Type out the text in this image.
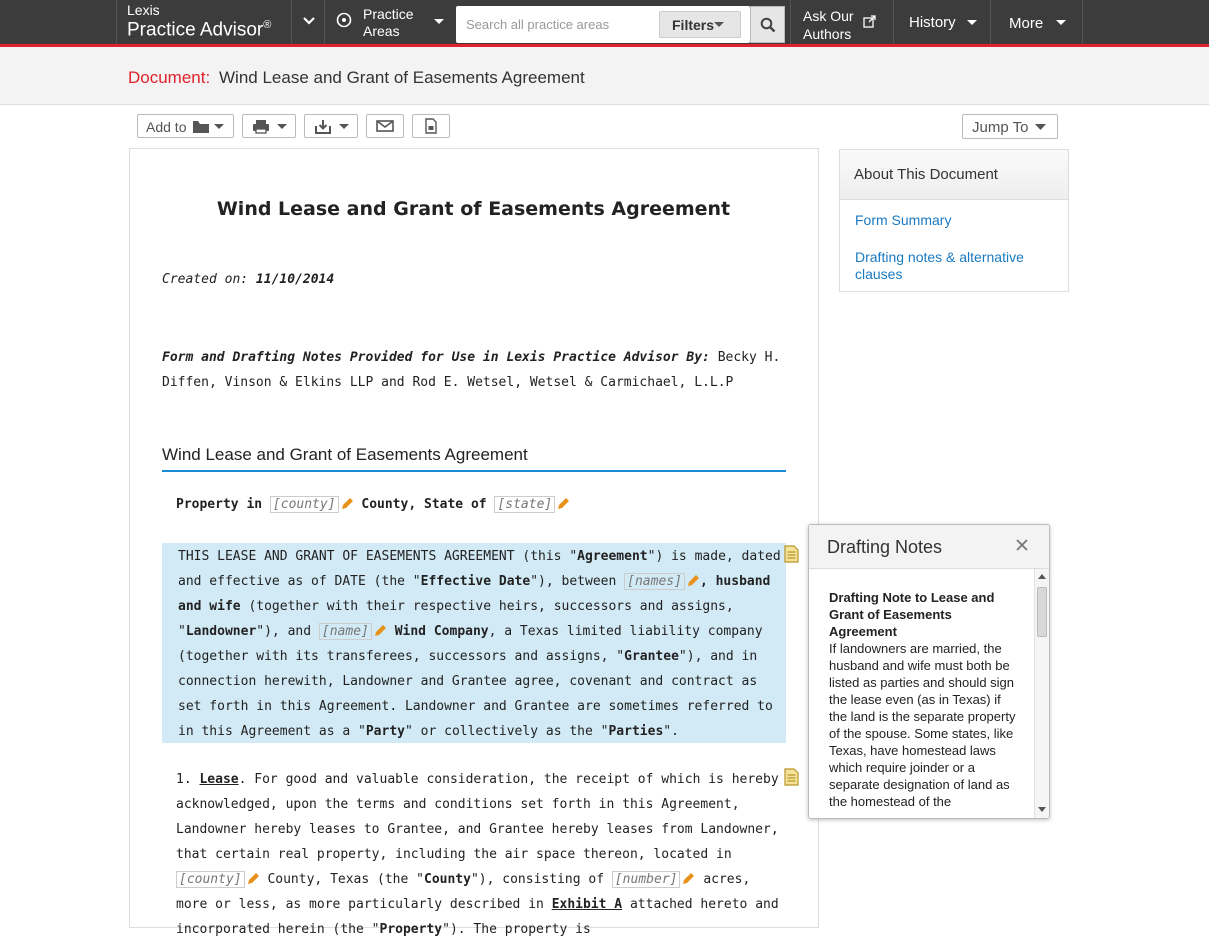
Lexis
Practice Advisor®
Practice
Areas
Search all practice areas	Filters
Ask Our
Authors
History	More
Document: Wind Lease and Grant of Easements Agreement
Add to	Jump To
Wind Lease and Grant of Easements Agreement
Created on: 11/10/2014
Form and Drafting Notes Provided for Use in Lexis Practice Advisor By: Becky H. Diffen, Vinson & Elkins LLP and Rod E. Wetsel, Wetsel & Carmichael, L.L.P
Wind Lease and Grant of Easements Agreement
Property in [county] County, State of [state]
THIS LEASE AND GRANT OF EASEMENTS AGREEMENT (this "Agreement") is made, dated and effective as of DATE (the "Effective Date"), between [names] , husband and wife (together with their respective heirs, successors and assigns, "Landowner"), and [name] Wind Company, a Texas limited liability company (together with its transferees, successors and assigns, "Grantee"), and in connection herewith, Landowner and Grantee agree, covenant and contract as set forth in this Agreement. Landowner and Grantee are sometimes referred to in this Agreement as a "Party" or collectively as the "Parties".
1. Lease. For good and valuable consideration, the receipt of which is hereby acknowledged, upon the terms and conditions set forth in this Agreement, Landowner hereby leases to Grantee, and Grantee hereby leases from Landowner, that certain real property, including the air space thereon, located in [county] County, Texas (the "County"), consisting of [number] acres, more or less, as more particularly described in Exhibit A attached hereto and incorporated herein (the "Property"). The property is
About This Document
Form Summary
Drafting notes & alternative clauses
Drafting Notes
Drafting Note to Lease and Grant of Easements Agreement
If landowners are married, the husband and wife must both be listed as parties and should sign the lease even (as in Texas) if the land is the separate property of the spouse. Some states, like Texas, have homestead laws which require joinder or a separate designation of land as the homestead of the
